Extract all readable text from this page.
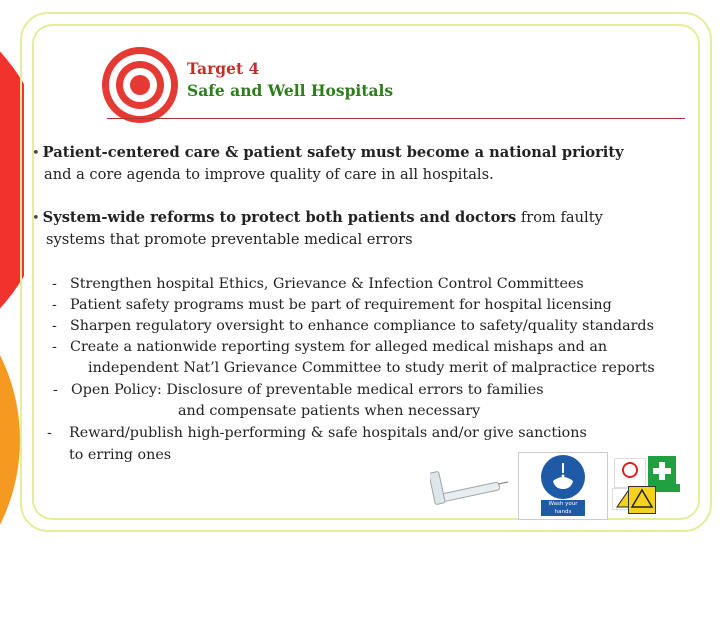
Target 4
Safe and Well Hospitals
• Patient-centered care & patient safety must become a national priority
and a core agenda to improve quality of care in all hospitals.
• System-wide reforms to protect both patients and doctors from faulty
systems that promote preventable medical errors
- Strengthen hospital Ethics, Grievance & Infection Control Committees
- Patient safety programs must be part of requirement for hospital licensing
- Sharpen regulatory oversight to enhance compliance to safety/quality standards
- Create a nationwide reporting system for alleged medical mishaps and an
independent Nat’l Grievance Committee to study merit of malpractice reports
- Open Policy: Disclosure of preventable medical errors to families
and compensate patients when necessary
- Reward/publish high-performing & safe hospitals and/or give sanctions
to erring ones
Wash your hands
